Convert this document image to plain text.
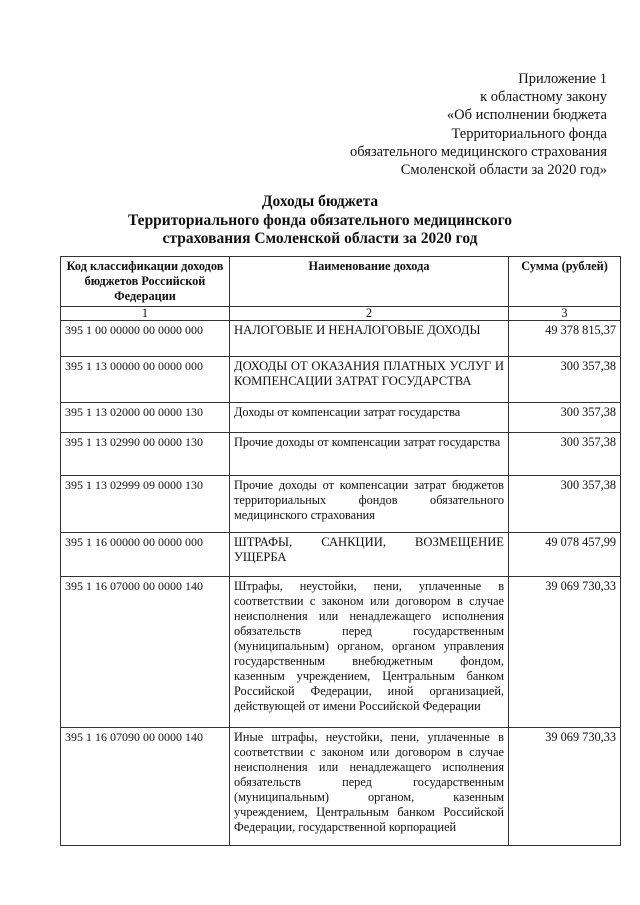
Приложение 1
к областному закону
«Об исполнении бюджета
Территориального фонда
обязательного медицинского страхования
Смоленской области за 2020 год»
Доходы бюджета
Территориального фонда обязательного медицинского
страхования Смоленской области за 2020 год
Код классификации доходов бюджетов Российской Федерации	Наименование дохода	Сумма (рублей)
1	2	3
395 1 00 00000 00 0000 000	НАЛОГОВЫЕ И НЕНАЛОГОВЫЕ ДОХОДЫ	49 378 815,37
395 1 13 00000 00 0000 000	ДОХОДЫ ОТ ОКАЗАНИЯ ПЛАТНЫХ УСЛУГ И КОМПЕНСАЦИИ ЗАТРАТ ГОСУДАРСТВА	300 357,38
395 1 13 02000 00 0000 130	Доходы от компенсации затрат государства	300 357,38
395 1 13 02990 00 0000 130	Прочие доходы от компенсации затрат государства	300 357,38
395 1 13 02999 09 0000 130	Прочие доходы от компенсации затрат бюджетов территориальных фондов обязательного медицинского страхования	300 357,38
395 1 16 00000 00 0000 000	ШТРАФЫ, САНКЦИИ, ВОЗМЕЩЕНИЕ УЩЕРБА	49 078 457,99
395 1 16 07000 00 0000 140	Штрафы, неустойки, пени, уплаченные в соответствии с законом или договором в случае неисполнения или ненадлежащего исполнения обязательств перед государственным (муниципальным) органом, органом управления государственным внебюджетным фондом, казенным учреждением, Центральным банком Российской Федерации, иной организацией, действующей от имени Российской Федерации	39 069 730,33
395 1 16 07090 00 0000 140	Иные штрафы, неустойки, пени, уплаченные в соответствии с законом или договором в случае неисполнения или ненадлежащего исполнения обязательств перед государственным (муниципальным) органом, казенным учреждением, Центральным банком Российской Федерации, государственной корпорацией	39 069 730,33
